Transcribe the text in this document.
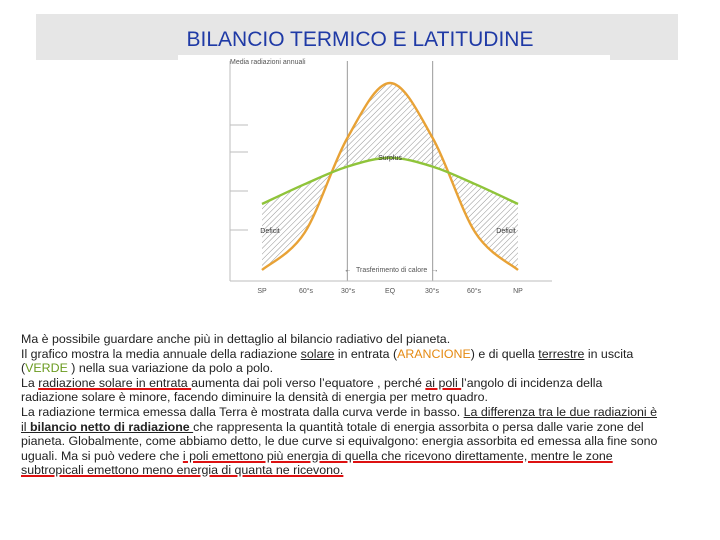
BILANCIO TERMICO E LATITUDINE
Media radiazioni annuali
Surplus
Deficit	Deficit
← Trasferimento di calore →
SP	60°s	30°s	EQ	30°s	60°s	NP

Ma è possibile guardare anche più in dettaglio al bilancio radiativo del pianeta.

Il grafico mostra la media annuale della radiazione solare in entrata (ARANCIONE) e di quella terrestre in uscita (VERDE ) nella sua variazione da polo a polo.

La radiazione solare in entrata aumenta dai poli verso l’equatore , perché ai poli l’angolo di incidenza della radiazione solare è minore, facendo diminuire la densità di energia per metro quadro.

La radiazione termica emessa dalla Terra è mostrata dalla curva verde in basso. La differenza tra le due radiazioni è il bilancio netto di radiazione che rappresenta la quantità totale di energia assorbita o persa dalle varie zone del pianeta. Globalmente, come abbiamo detto, le due curve si equivalgono: energia assorbita ed emessa alla fine sono uguali. Ma si può vedere che i poli emettono più energia di quella che ricevono direttamente, mentre le zone subtropicali emettono meno energia di quanta ne ricevono.
